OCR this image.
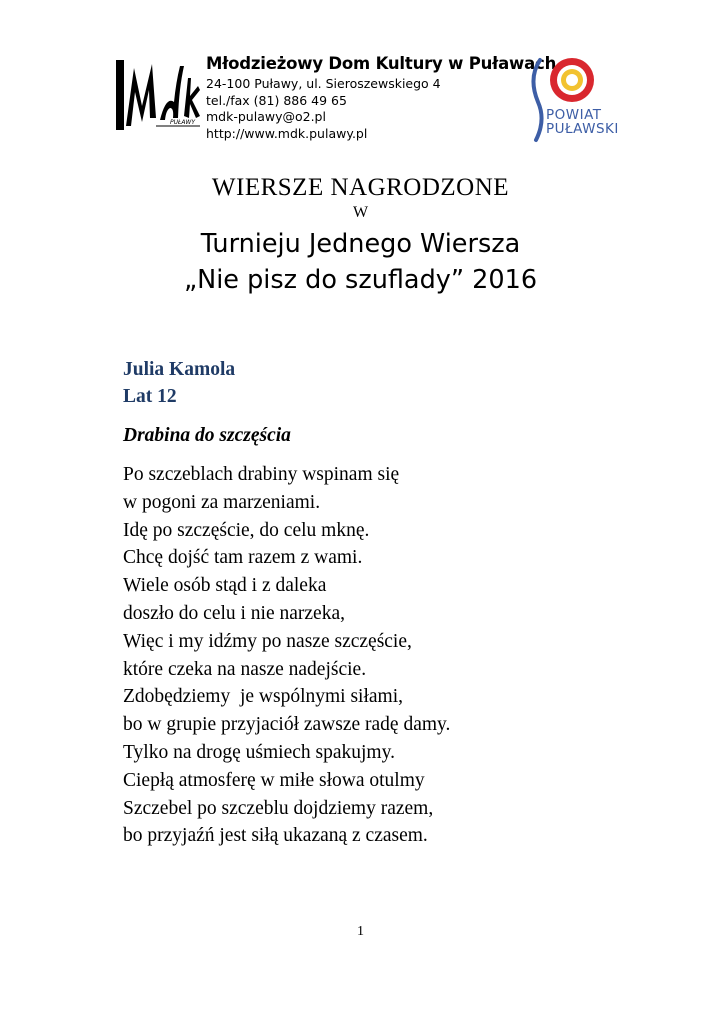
PUŁAWY
Młodzieżowy Dom Kultury w Puławach
24-100 Puławy, ul. Sieroszewskiego 4
tel./fax (81) 886 49 65
mdk-pulawy@o2.pl
http://www.mdk.pulawy.pl
POWIAT
PUŁAWSKI
WIERSZE NAGRODZONE
W
Turnieju Jednego Wiersza
„Nie pisz do szuflady” 2016
Julia Kamola
Lat 12
Drabina do szczęścia
Po szczeblach drabiny wspinam się
w pogoni za marzeniami.
Idę po szczęście, do celu mknę.
Chcę dojść tam razem z wami.
Wiele osób stąd i z daleka
doszło do celu i nie narzeka,
Więc i my idźmy po nasze szczęście,
które czeka na nasze nadejście.
Zdobędziemy  je wspólnymi siłami,
bo w grupie przyjaciół zawsze radę damy.
Tylko na drogę uśmiech spakujmy.
Ciepłą atmosferę w miłe słowa otulmy
Szczebel po szczeblu dojdziemy razem,
bo przyjaźń jest siłą ukazaną z czasem.
1
